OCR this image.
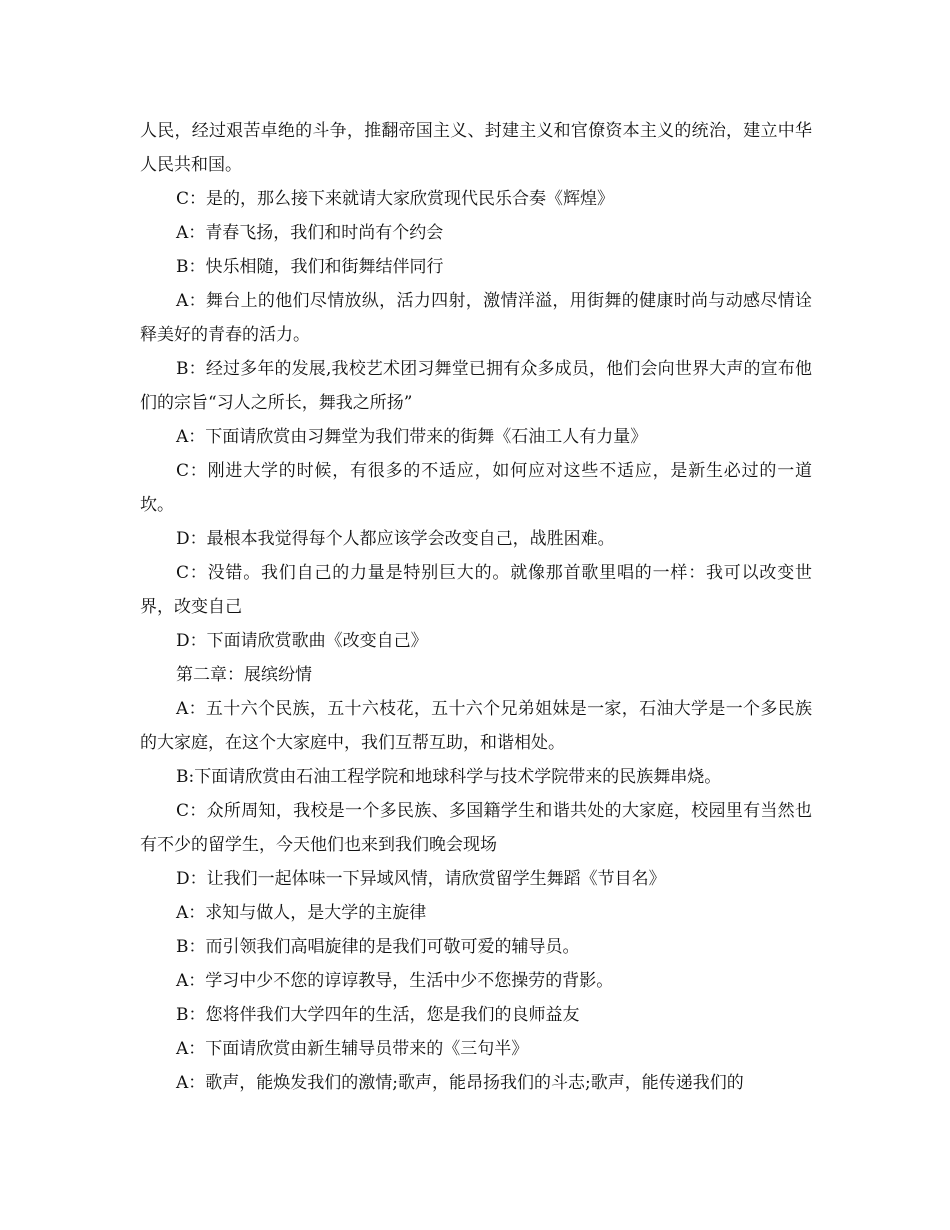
人民，经过艰苦卓绝的斗争，推翻帝国主义、封建主义和官僚资本主义的统治，建立中华人民共和国。

C：是的，那么接下来就请大家欣赏现代民乐合奏《辉煌》

A：青春飞扬，我们和时尚有个约会

B：快乐相随，我们和街舞结伴同行

A：舞台上的他们尽情放纵，活力四射，激情洋溢，用街舞的健康时尚与动感尽情诠释美好的青春的活力。

B：经过多年的发展,我校艺术团习舞堂已拥有众多成员，他们会向世界大声的宣布他们的宗旨“习人之所长，舞我之所扬”

A：下面请欣赏由习舞堂为我们带来的街舞《石油工人有力量》

C：刚进大学的时候，有很多的不适应，如何应对这些不适应，是新生必过的一道坎。

D：最根本我觉得每个人都应该学会改变自己，战胜困难。

C：没错。我们自己的力量是特别巨大的。就像那首歌里唱的一样：我可以改变世界，改变自己

D：下面请欣赏歌曲《改变自己》

第二章：展缤纷情

A：五十六个民族，五十六枝花，五十六个兄弟姐妹是一家，石油大学是一个多民族的大家庭，在这个大家庭中，我们互帮互助，和谐相处。

B:下面请欣赏由石油工程学院和地球科学与技术学院带来的民族舞串烧。

C：众所周知，我校是一个多民族、多国籍学生和谐共处的大家庭，校园里有当然也有不少的留学生，今天他们也来到我们晚会现场

D：让我们一起体味一下异域风情，请欣赏留学生舞蹈《节目名》

A：求知与做人，是大学的主旋律

B：而引领我们高唱旋律的是我们可敬可爱的辅导员。

A：学习中少不您的谆谆教导，生活中少不您操劳的背影。

B：您将伴我们大学四年的生活，您是我们的良师益友

A：下面请欣赏由新生辅导员带来的《三句半》

A：歌声，能焕发我们的激情;歌声，能昂扬我们的斗志;歌声，能传递我们的
